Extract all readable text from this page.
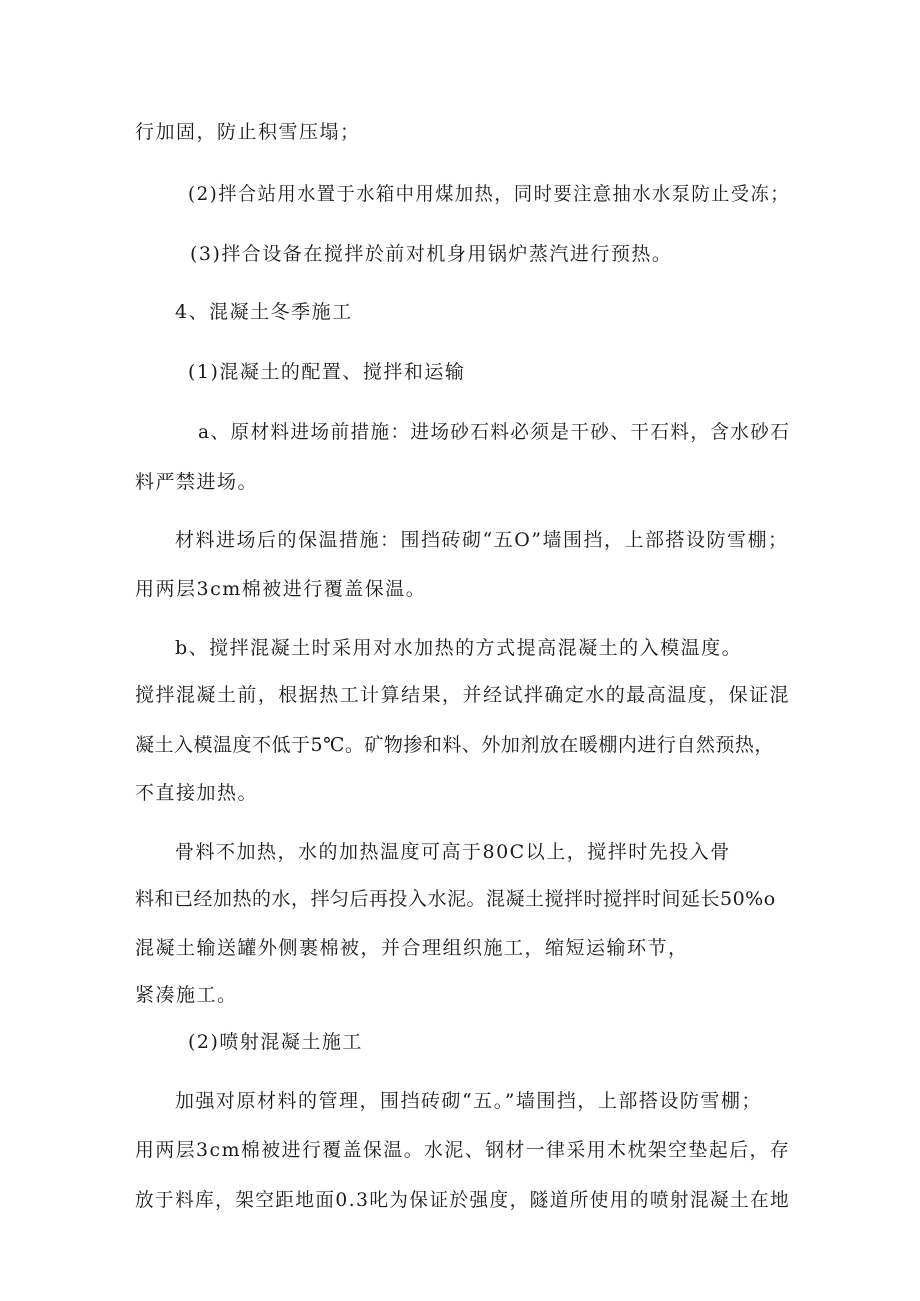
行加固，防止积雪压塌；
(2)拌合站用水置于水箱中用煤加热，同时要注意抽水水泵防止受冻；
(3)拌合设备在搅拌於前对机身用锅炉蒸汽进行预热。
4、混凝土冬季施工
(1)混凝土的配置、搅拌和运输
a、原材料进场前措施：进场砂石料必须是干砂、干石料，含水砂石
料严禁进场。
材料进场后的保温措施：围挡砖砌“五O”墙围挡，上部搭设防雪棚；
用两层3cm棉被进行覆盖保温。
b、搅拌混凝土时采用对水加热的方式提高混凝土的入模温度。
搅拌混凝土前，根据热工计算结果，并经试拌确定水的最高温度，保证混
凝土入模温度不低于5℃。矿物掺和料、外加剂放在暖棚内进行自然预热，
不直接加热。
骨料不加热，水的加热温度可高于80C以上，搅拌时先投入骨
料和已经加热的水，拌匀后再投入水泥。混凝土搅拌时搅拌时间延长50%o
混凝土输送罐外侧裹棉被，并合理组织施工，缩短运输环节，
紧凑施工。
(2)喷射混凝土施工
加强对原材料的管理，围挡砖砌“五。”墙围挡，上部搭设防雪棚；
用两层3cm棉被进行覆盖保温。水泥、钢材一律采用木枕架空垫起后，存
放于料库，架空距地面0.3叱为保证於强度，隧道所使用的喷射混凝土在地
